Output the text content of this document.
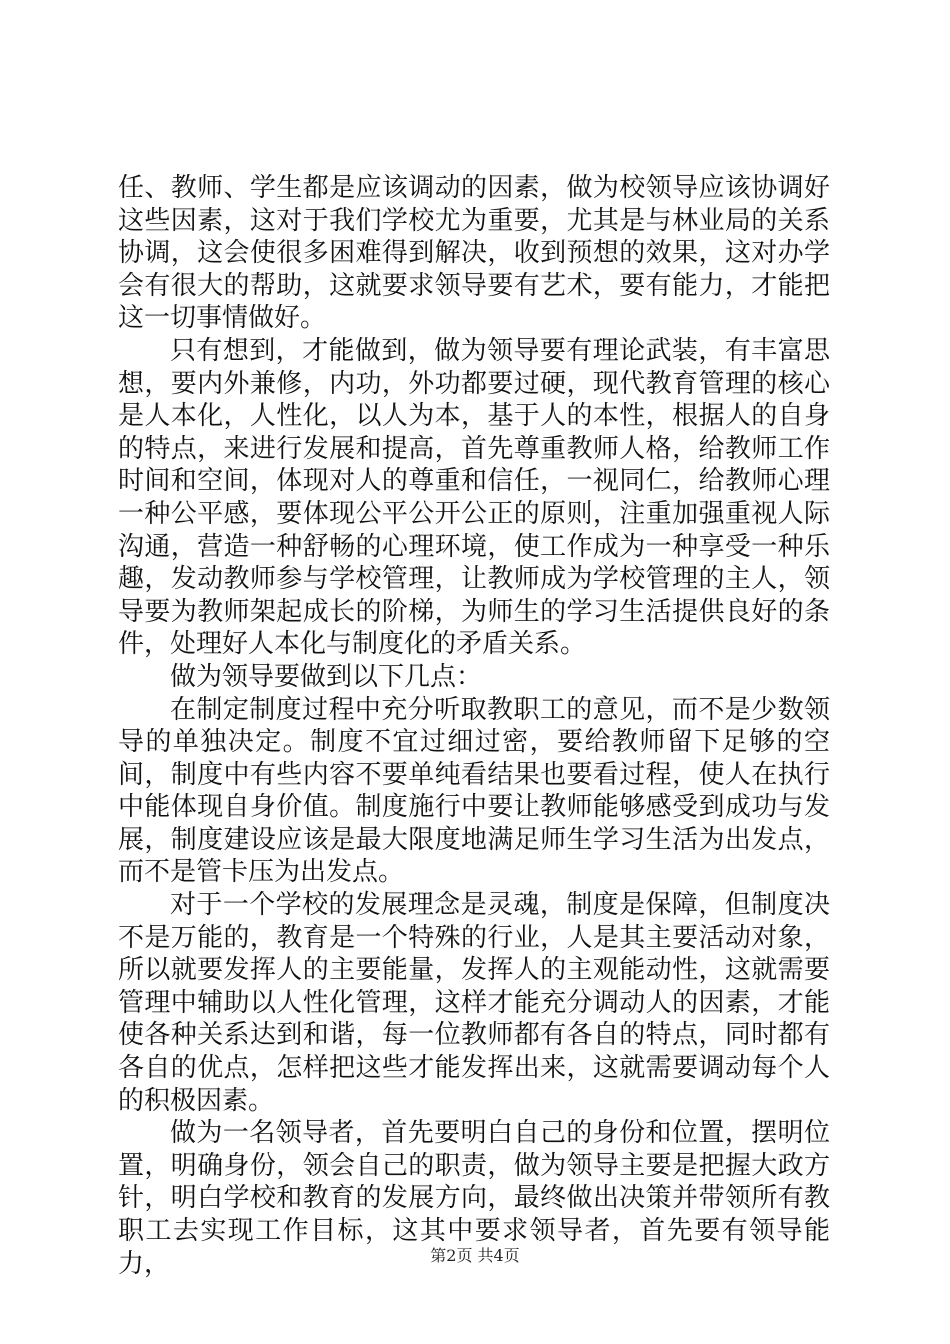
任、教师、学生都是应该调动的因素，做为校领导应该协调好这些因素，这对于我们学校尤为重要，尤其是与林业局的关系协调，这会使很多困难得到解决，收到预想的效果，这对办学会有很大的帮助，这就要求领导要有艺术，要有能力，才能把这一切事情做好。

只有想到，才能做到，做为领导要有理论武装，有丰富思想，要内外兼修，内功，外功都要过硬，现代教育管理的核心是人本化，人性化，以人为本，基于人的本性，根据人的自身的特点，来进行发展和提高，首先尊重教师人格，给教师工作时间和空间，体现对人的尊重和信任，一视同仁，给教师心理一种公平感，要体现公平公开公正的原则，注重加强重视人际沟通，营造一种舒畅的心理环境，使工作成为一种享受一种乐趣，发动教师参与学校管理，让教师成为学校管理的主人，领导要为教师架起成长的阶梯，为师生的学习生活提供良好的条件，处理好人本化与制度化的矛盾关系。

做为领导要做到以下几点：

在制定制度过程中充分听取教职工的意见，而不是少数领导的单独决定。制度不宜过细过密，要给教师留下足够的空间，制度中有些内容不要单纯看结果也要看过程，使人在执行中能体现自身价值。制度施行中要让教师能够感受到成功与发展，制度建设应该是最大限度地满足师生学习生活为出发点，而不是管卡压为出发点。

对于一个学校的发展理念是灵魂，制度是保障，但制度决不是万能的，教育是一个特殊的行业，人是其主要活动对象，所以就要发挥人的主要能量，发挥人的主观能动性，这就需要管理中辅助以人性化管理，这样才能充分调动人的因素，才能使各种关系达到和谐，每一位教师都有各自的特点，同时都有各自的优点，怎样把这些才能发挥出来，这就需要调动每个人的积极因素。

做为一名领导者，首先要明白自己的身份和位置，摆明位置，明确身份，领会自己的职责，做为领导主要是把握大政方针，明白学校和教育的发展方向，最终做出决策并带领所有教职工去实现工作目标，这其中要求领导者，首先要有领导能力，	第2页 共4页
